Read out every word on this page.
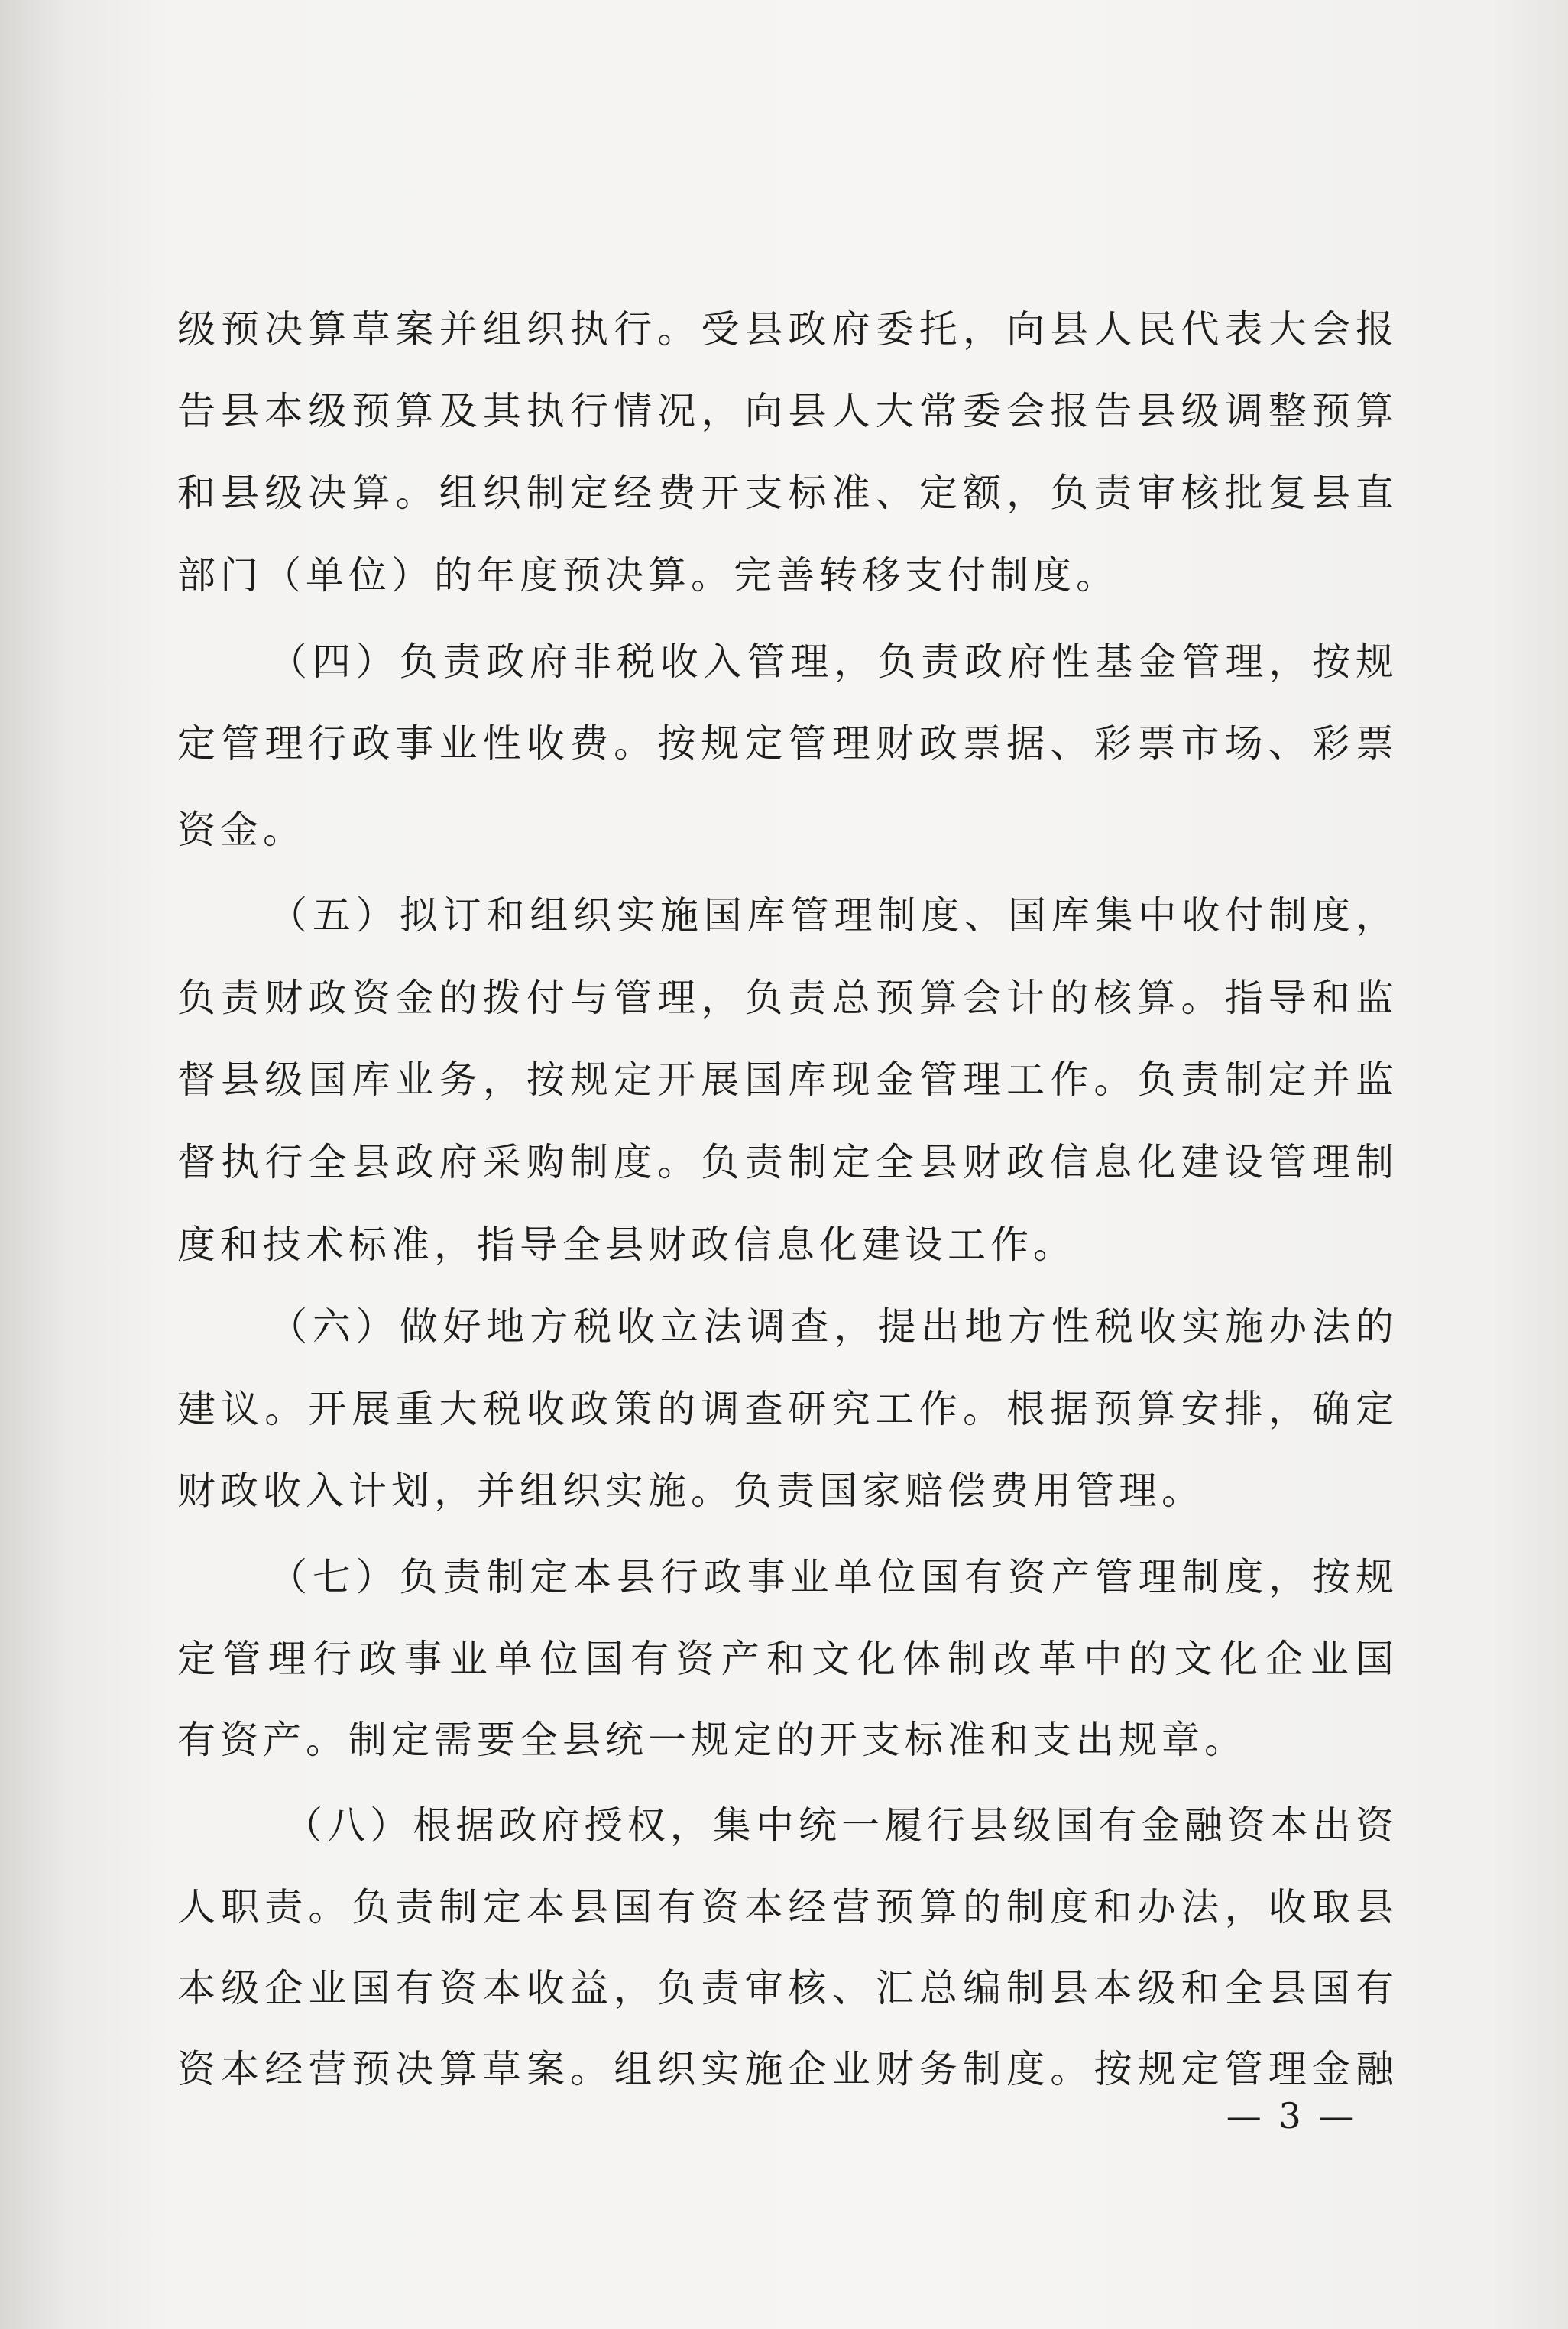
级预决算草案并组织执行。受县政府委托，向县人民代表大会报
告县本级预算及其执行情况，向县人大常委会报告县级调整预算
和县级决算。组织制定经费开支标准、定额，负责审核批复县直
部门（单位）的年度预决算。完善转移支付制度。
（四）负责政府非税收入管理，负责政府性基金管理，按规
定管理行政事业性收费。按规定管理财政票据、彩票市场、彩票
资金。
（五）拟订和组织实施国库管理制度、国库集中收付制度，
负责财政资金的拨付与管理，负责总预算会计的核算。指导和监
督县级国库业务，按规定开展国库现金管理工作。负责制定并监
督执行全县政府采购制度。负责制定全县财政信息化建设管理制
度和技术标准，指导全县财政信息化建设工作。
（六）做好地方税收立法调查，提出地方性税收实施办法的
建议。开展重大税收政策的调查研究工作。根据预算安排，确定
财政收入计划，并组织实施。负责国家赔偿费用管理。
（七）负责制定本县行政事业单位国有资产管理制度，按规
定管理行政事业单位国有资产和文化体制改革中的文化企业国
有资产。制定需要全县统一规定的开支标准和支出规章。
（八）根据政府授权，集中统一履行县级国有金融资本出资
人职责。负责制定本县国有资本经营预算的制度和办法，收取县
本级企业国有资本收益，负责审核、汇总编制县本级和全县国有
资本经营预决算草案。组织实施企业财务制度。按规定管理金融
— 3 —
